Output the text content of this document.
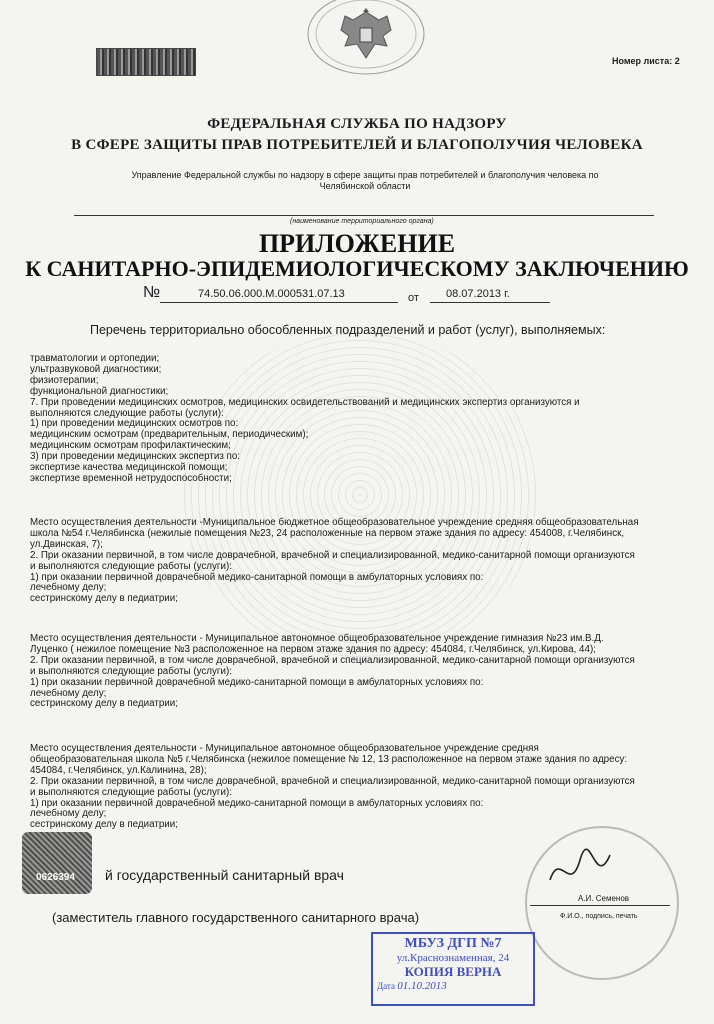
Номер листа: 2
ФЕДЕРАЛЬНАЯ СЛУЖБА ПО НАДЗОРУ
В СФЕРЕ ЗАЩИТЫ ПРАВ ПОТРЕБИТЕЛЕЙ И БЛАГОПОЛУЧИЯ ЧЕЛОВЕКА
Управление Федеральной службы по надзору в сфере защиты прав потребителей и благополучия человека по
Челябинской области
(наименование территориального органа)
ПРИЛОЖЕНИЕ
К САНИТАРНО-ЭПИДЕМИОЛОГИЧЕСКОМУ ЗАКЛЮЧЕНИЮ
№	74.50.06.000.М.000531.07.13	от 08.07.2013 г.
Перечень территориально обособленных подразделений и работ (услуг), выполняемых:
травматологии и ортопедии;
ультразвуковой диагностики;
физиотерапии;
функциональной диагностики;
7. При проведении медицинских осмотров, медицинских освидетельствований и медицинских экспертиз организуются и
выполняются следующие работы (услуги):
1) при проведении медицинских осмотров по:
медицинским осмотрам (предварительным, периодическим);
медицинским осмотрам профилактическим;
3) при проведении медицинских экспертиз по:
экспертизе качества медицинской помощи;
экспертизе временной нетрудоспособности;
Место осуществления деятельности -Муниципальное бюджетное общеобразовательное учреждение средняя общеобразовательная
школа №54 г.Челябинска (нежилые помещения №23, 24 расположенные на первом этаже здания по адресу: 454008, г.Челябинск,
ул.Двинская, 7);
2. При оказании первичной, в том числе доврачебной, врачебной и специализированной, медико-санитарной помощи организуются
и выполняются следующие работы (услуги):
1) при оказании первичной доврачебной медико-санитарной помощи в амбулаторных условиях по:
лечебному делу;
сестринскому делу в педиатрии;
Место осуществления деятельности - Муниципальное автономное общеобразовательное учреждение гимназия №23 им.В.Д.
Луценко ( нежилое помещение №3 расположенное на первом этаже здания по адресу: 454084, г.Челябинск, ул.Кирова, 44);
2. При оказании первичной, в том числе доврачебной, врачебной и специализированной, медико-санитарной помощи организуются
и выполняются следующие работы (услуги):
1) при оказании первичной доврачебной медико-санитарной помощи в амбулаторных условиях по:
лечебному делу;
сестринскому делу в педиатрии;
Место осуществления деятельности - Муниципальное автономное общеобразовательное учреждение средняя
общеобразовательная школа №5 г.Челябинска (нежилое помещение № 12, 13 расположенное на первом этаже здания по адресу:
454084, г.Челябинск, ул.Калинина, 28);
2. При оказании первичной, в том числе доврачебной, врачебной и специализированной, медико-санитарной помощи организуются
и выполняются следующие работы (услуги):
1) при оказании первичной доврачебной медико-санитарной помощи в амбулаторных условиях по:
лечебному делу;
сестринскому делу в педиатрии;
0626394 й государственный санитарный врач
(заместитель главного государственного санитарного врача)
А.И. Семенов
Ф.И.О., подпись, печать
МБУЗ ДГП №7
ул.Краснознаменная, 24
КОПИЯ ВЕРНА
Дата 01.10.2013
